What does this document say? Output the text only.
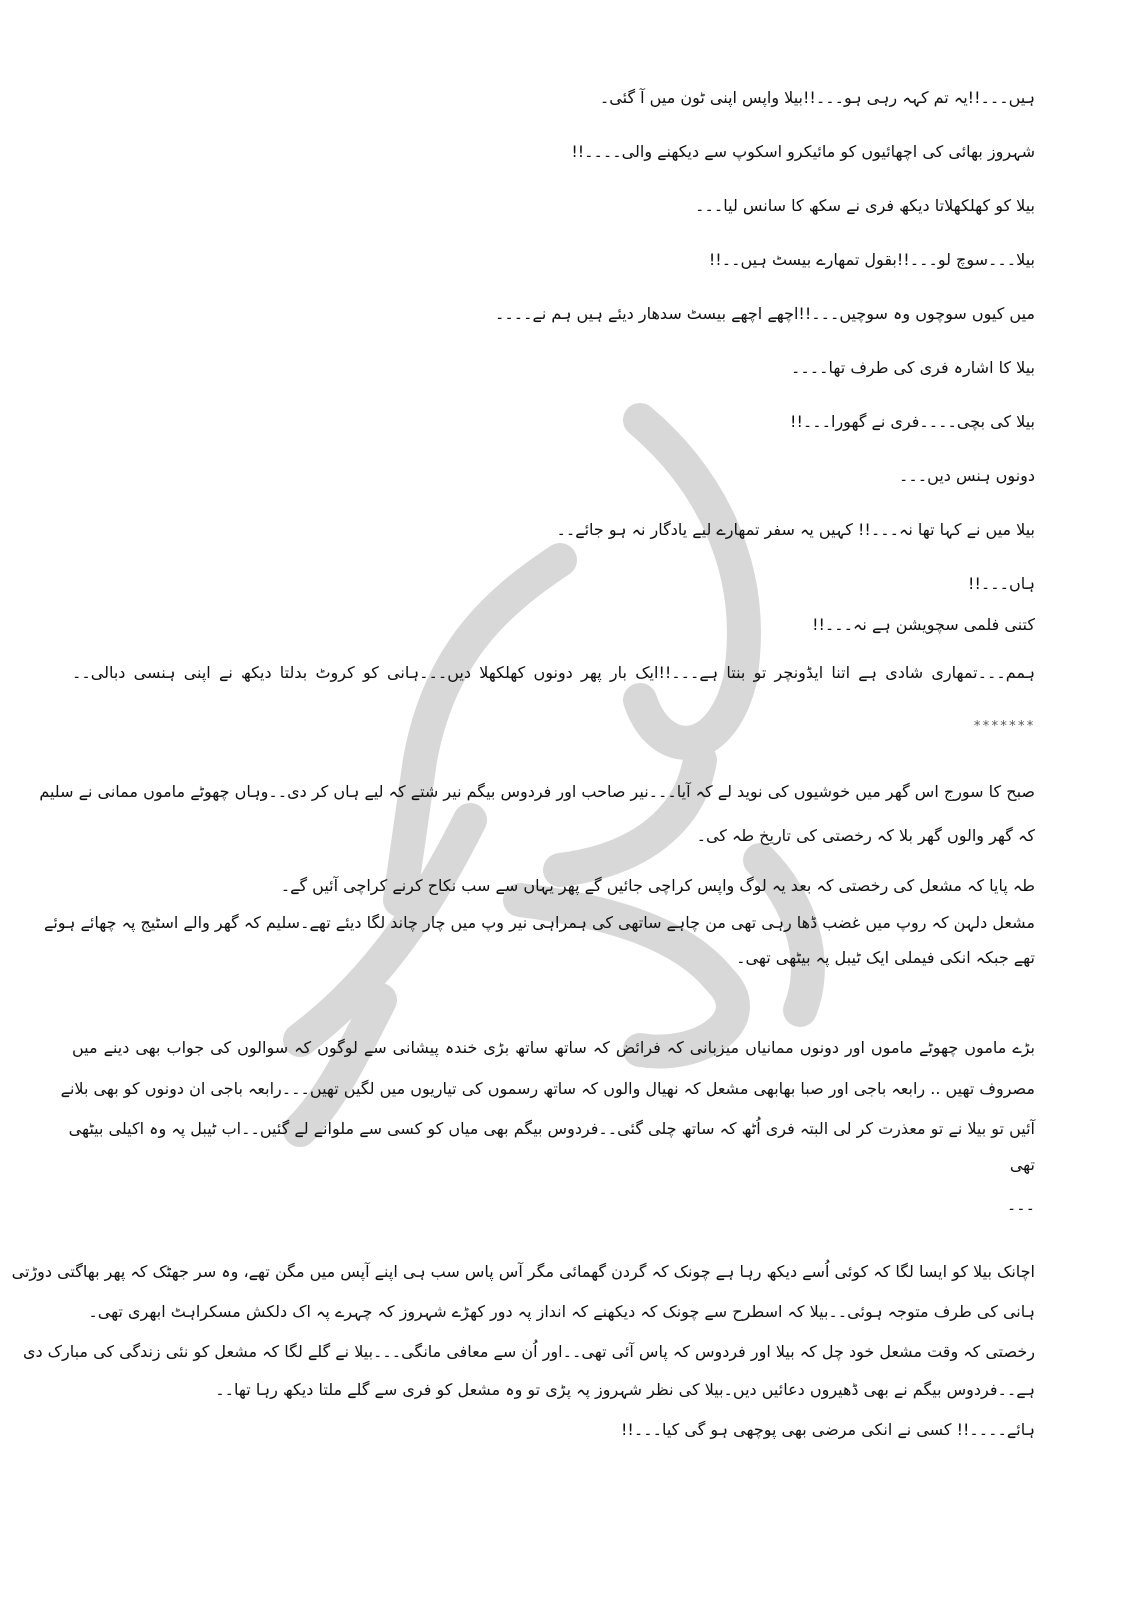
ہیں۔۔۔!!یہ تم کہہ رہی ہو۔۔۔!!بیلا واپس اپنی ٹون میں آ گئی۔
شہروز بھائی کی اچھائیوں کو مائیکرو اسکوپ سے دیکھنے والی۔۔۔۔!!
بیلا کو کھلکھلاتا دیکھ فری نے سکھ کا سانس لیا۔۔۔
بیلا۔۔۔سوچ لو۔۔۔!!بقول تمھارے بیسٹ ہیں۔۔!!
میں کیوں سوچوں وہ سوچیں۔۔۔!!اچھے اچھے بیسٹ سدھار دیئے ہیں ہم نے۔۔۔۔
بیلا کا اشارہ فری کی طرف تھا۔۔۔۔
بیلا کی بچی۔۔۔۔فری نے گھورا۔۔۔!!
دونوں ہنس دیں۔۔۔
بیلا میں نے کہا تھا نہ۔۔۔!! کہیں یہ سفر تمھارے لیے یادگار نہ ہو جائے۔۔
ہاں۔۔۔!!
کتنی فلمی سچویشن ہے نہ۔۔۔!!
ہمم۔۔۔تمھاری شادی ہے اتنا ایڈونچر تو بنتا ہے۔۔۔!!ایک بار پھر دونوں کھلکھلا دیں۔۔۔ہانی کو کروٹ بدلتا دیکھ نے اپنی ہنسی دبالی۔۔
*******
صبح کا سورج اس گھر میں خوشیوں کی نوید لے کہ آیا۔۔۔نیر صاحب اور فردوس بیگم نیر شتے کہ لیے ہاں کر دی۔۔وہاں چھوٹے ماموں ممانی نے سلیم
کہ گھر والوں گھر بلا کہ رخصتی کی تاریخ طہ کی۔
طہ پایا کہ مشعل کی رخصتی کہ بعد یہ لوگ واپس کراچی جائیں گے پھر یہاں سے سب نکاح کرنے کراچی آئیں گے۔
مشعل دلہن کہ روپ میں غضب ڈھا رہی تھی من چاہے ساتھی کی ہمراہی نیر وپ میں چار چاند لگا دیئے تھے۔سلیم کہ گھر والے اسٹیج پہ چھائے ہوئے
تھے جبکہ انکی فیملی ایک ٹیبل پہ بیٹھی تھی۔
بڑے ماموں چھوٹے ماموں اور دونوں ممانیاں میزبانی کہ فرائض کہ ساتھ ساتھ بڑی خندہ پیشانی سے لوگوں کہ سوالوں کی جواب بھی دینے میں
مصروف تھیں .. رابعہ باجی اور صبا بھابھی مشعل کہ نھیال والوں کہ ساتھ رسموں کی تیاریوں میں لگیں تھیں۔۔۔رابعہ باجی ان دونوں کو بھی بلانے
آئیں تو بیلا نے تو معذرت کر لی البتہ فری اُٹھ کہ ساتھ چلی گئی۔۔فردوس بیگم بھی میاں کو کسی سے ملوانے لے گئیں۔۔اب ٹیبل پہ وہ اکیلی بیٹھی
تھی
۔۔۔
اچانک بیلا کو ایسا لگا کہ کوئی اُسے دیکھ رہا ہے چونک کہ گردن گھمائی مگر آس پاس سب ہی اپنے آپس میں مگن تھے، وہ سر جھٹک کہ پھر بھاگتی دوڑتی
ہانی کی طرف متوجہ ہوئی۔۔بیلا کہ اسطرح سے چونک کہ دیکھنے کہ انداز پہ دور کھڑے شہروز کہ چہرے پہ اک دلکش مسکراہٹ ابھری تھی۔
رخصتی کہ وقت مشعل خود چل کہ بیلا اور فردوس کہ پاس آئی تھی۔۔اور اُن سے معافی مانگی۔۔۔بیلا نے گلے لگا کہ مشعل کو نئی زندگی کی مبارک دی
ہے۔۔فردوس بیگم نے بھی ڈھیروں دعائیں دیں۔بیلا کی نظر شہروز پہ پڑی تو وہ مشعل کو فری سے گلے ملتا دیکھ رہا تھا۔۔
ہائے۔۔۔۔!! کسی نے انکی مرضی بھی پوچھی ہو گی کیا۔۔۔!!
